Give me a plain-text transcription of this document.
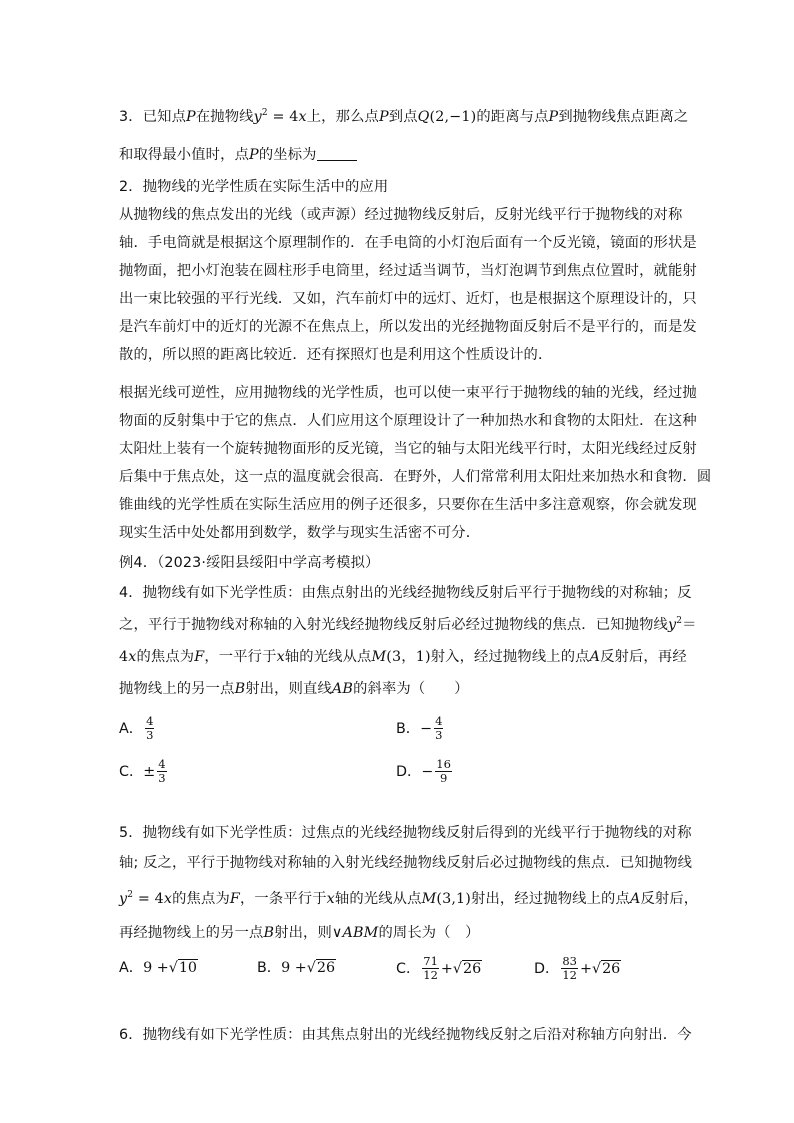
3．已知点P在抛物线$y^2 = 4x$上，那么点P到点Q(2,−1)的距离与点P到抛物线焦点距离之
和取得最小值时，点P的坐标为
2．抛物线的光学性质在实际生活中的应用
从抛物线的焦点发出的光线（或声源）经过抛物线反射后，反射光线平行于抛物线的对称
轴．手电筒就是根据这个原理制作的．在手电筒的小灯泡后面有一个反光镜，镜面的形状是
抛物面，把小灯泡装在圆柱形手电筒里，经过适当调节，当灯泡调节到焦点位置时，就能射
出一束比较强的平行光线．又如，汽车前灯中的远灯、近灯，也是根据这个原理设计的，只
是汽车前灯中的近灯的光源不在焦点上，所以发出的光经抛物面反射后不是平行的，而是发
散的，所以照的距离比较近．还有探照灯也是利用这个性质设计的．
根据光线可逆性，应用抛物线的光学性质，也可以使一束平行于抛物线的轴的光线，经过抛
物面的反射集中于它的焦点．人们应用这个原理设计了一种加热水和食物的太阳灶．在这种
太阳灶上装有一个旋转抛物面形的反光镜，当它的轴与太阳光线平行时，太阳光线经过反射
后集中于焦点处，这一点的温度就会很高．在野外，人们常常利用太阳灶来加热水和食物．圆
锥曲线的光学性质在实际生活应用的例子还很多，只要你在生活中多注意观察，你会就发现
现实生活中处处都用到数学，数学与现实生活密不可分．
例4．（2023·绥阳县绥阳中学高考模拟）
4．抛物线有如下光学性质：由焦点射出的光线经抛物线反射后平行于抛物线的对称轴；反
之，平行于抛物线对称轴的入射光线经抛物线反射后必经过抛物线的焦点．已知抛物线$y^2=$
4x的焦点为F，一平行于x轴的光线从点M(3，1)射入，经过抛物线上的点A反射后，再经
抛物线上的另一点B射出，则直线AB的斜率为（　　）
A． $\frac{4}{3}$	B． − $\frac{4}{3}$
C． ± $\frac{4}{3}$	D． − $\frac{16}{9}$
5．抛物线有如下光学性质：过焦点的光线经抛物线反射后得到的光线平行于抛物线的对称
轴; 反之，平行于抛物线对称轴的入射光线经抛物线反射后必过抛物线的焦点．已知抛物线
$y^2 = 4x$的焦点为F，一条平行于x轴的光线从点M(3,1)射出，经过抛物线上的点A反射后，
再经抛物线上的另一点B射出，则∨ABM的周长为（　）
A． 9 + √10	B． 9 + √26	C． $\frac{71}{12} + √26$	D． $\frac{83}{12} + √26$
6．抛物线有如下光学性质：由其焦点射出的光线经抛物线反射之后沿对称轴方向射出．今
